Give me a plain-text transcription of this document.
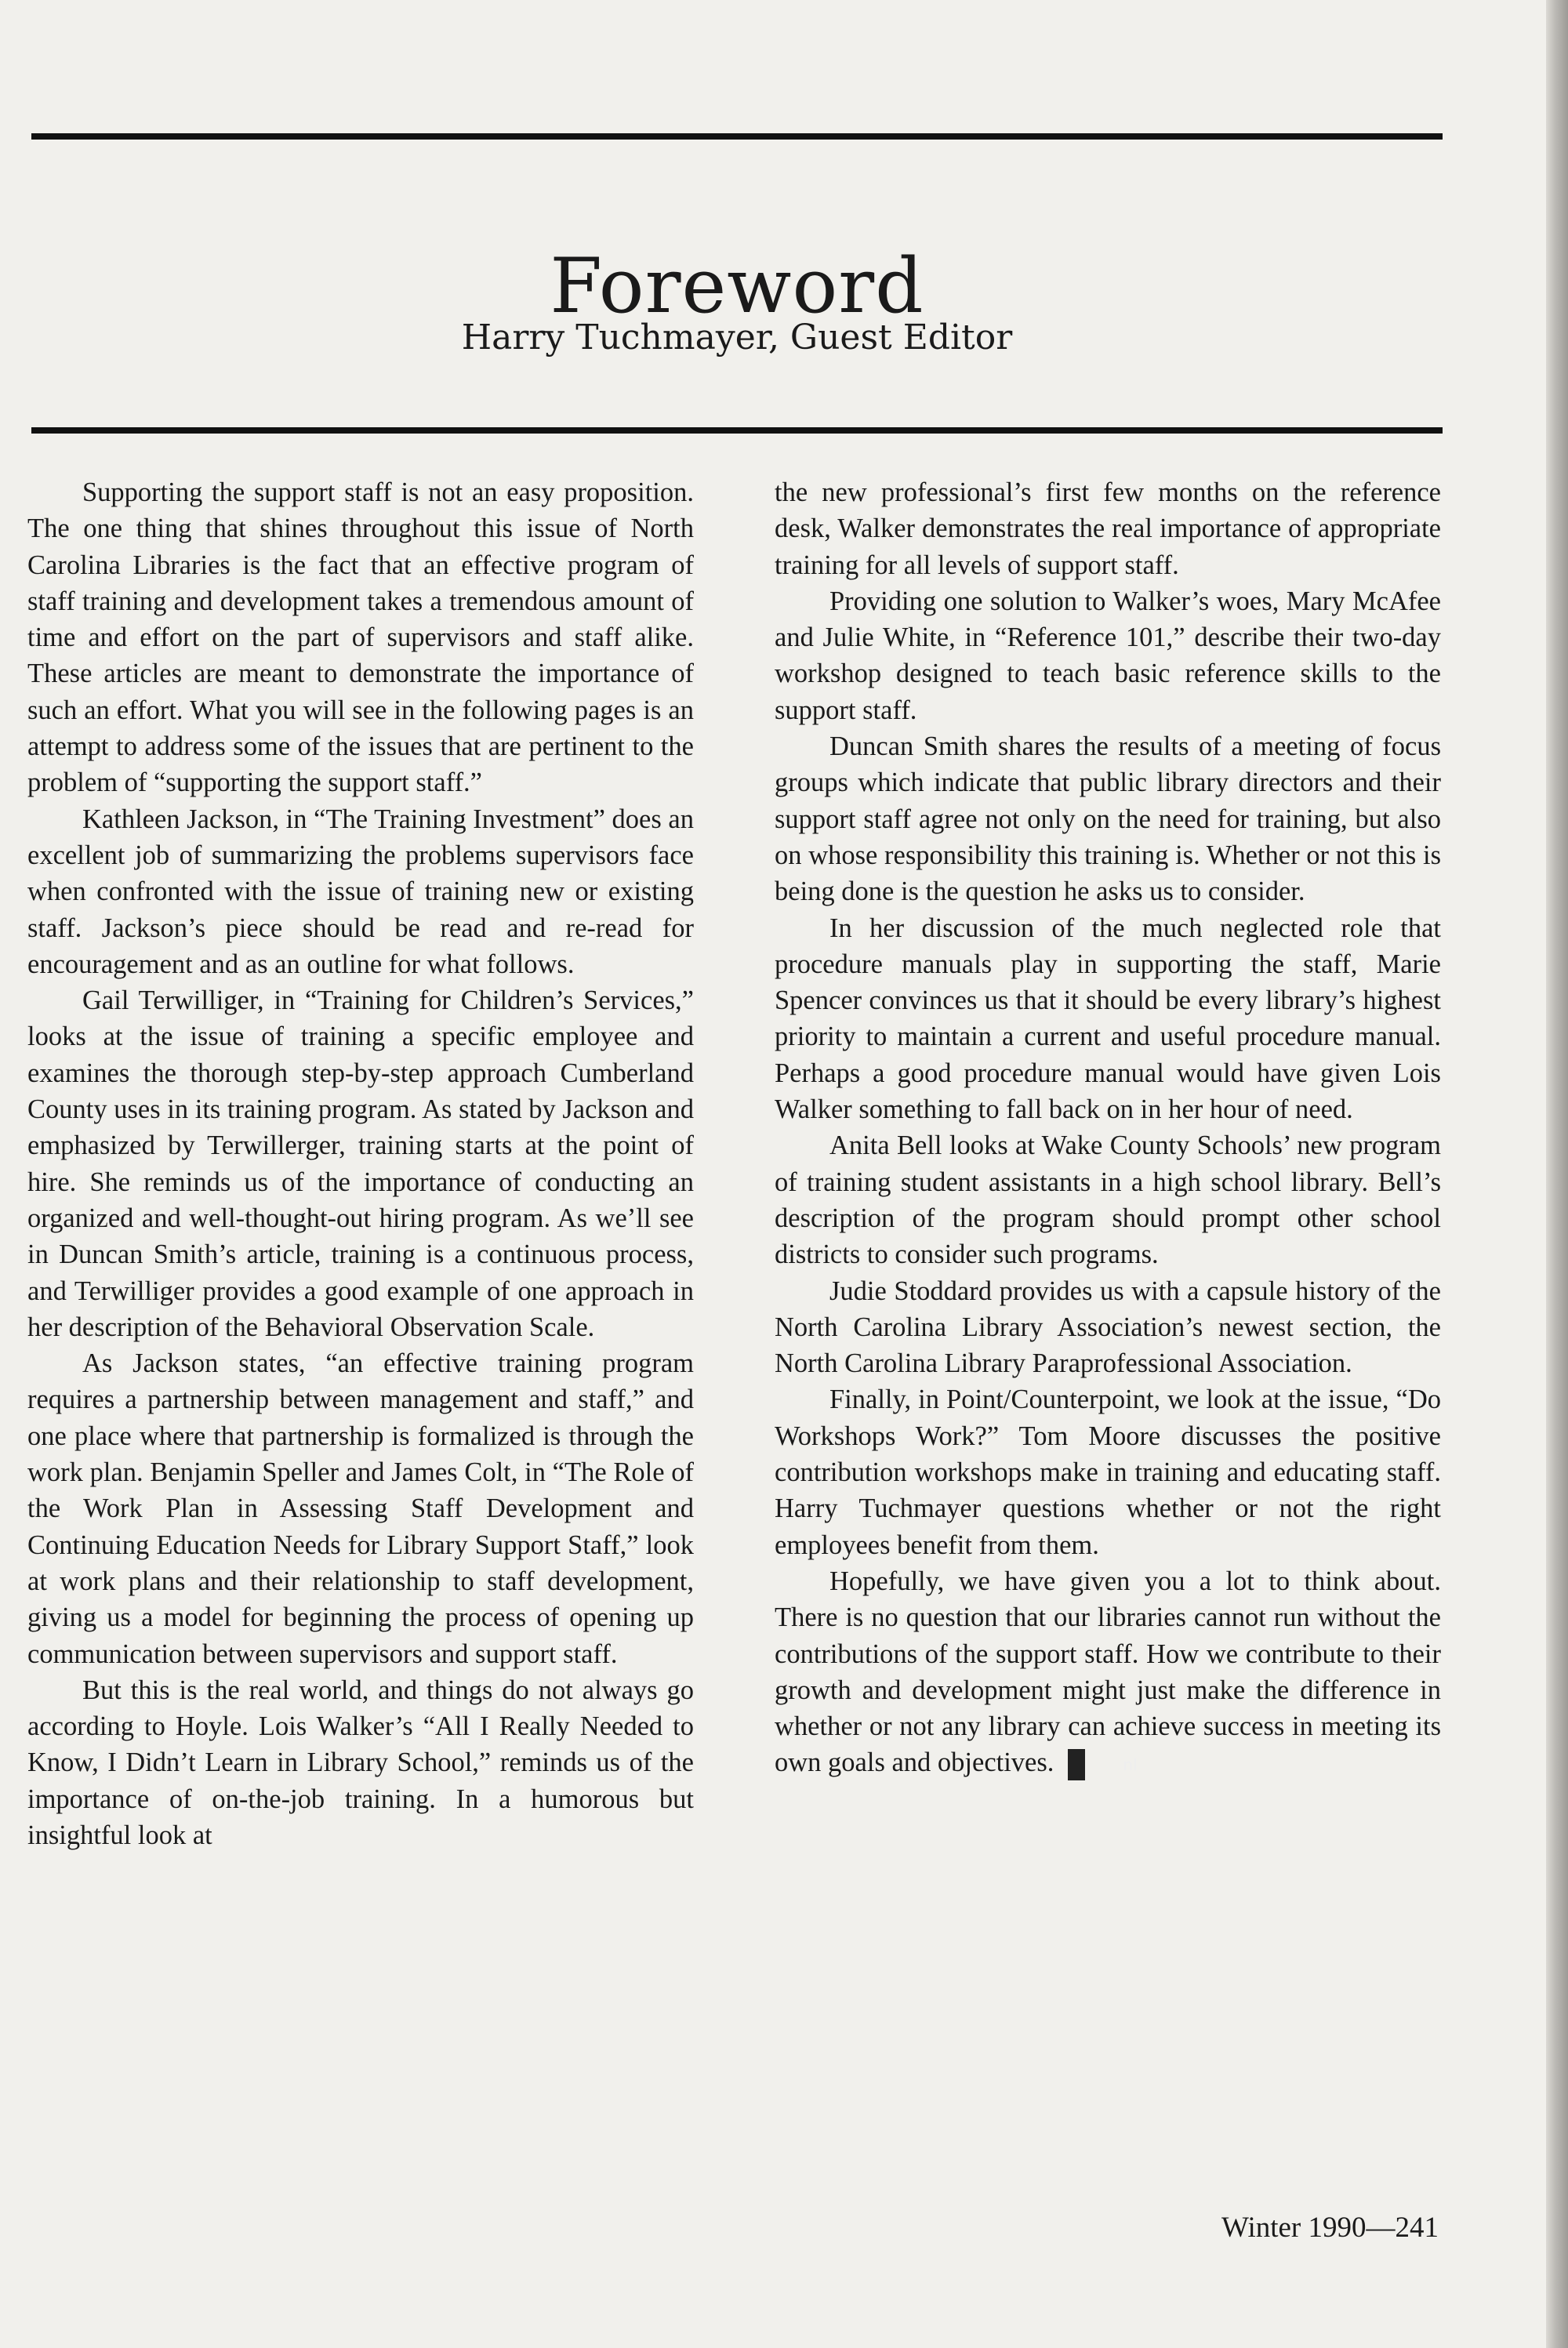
Foreword
Harry Tuchmayer, Guest Editor

Supporting the support staff is not an easy proposition. The one thing that shines throughout this issue of North Carolina Libraries is the fact that an effective program of staff training and development takes a tremendous amount of time and effort on the part of supervisors and staff alike. These articles are meant to demonstrate the importance of such an effort. What you will see in the following pages is an attempt to address some of the issues that are pertinent to the problem of “supporting the support staff.”

Kathleen Jackson, in “The Training Investment” does an excellent job of summarizing the problems supervisors face when confronted with the issue of training new or existing staff. Jackson’s piece should be read and re-read for encouragement and as an outline for what follows.

Gail Terwilliger, in “Training for Children’s Services,” looks at the issue of training a specific employee and examines the thorough step-by-step approach Cumberland County uses in its training program. As stated by Jackson and emphasized by Terwillerger, training starts at the point of hire. She reminds us of the importance of conducting an organized and well-thought-out hiring program. As we’ll see in Duncan Smith’s article, training is a continuous process, and Terwilliger provides a good example of one approach in her description of the Behavioral Observation Scale.

As Jackson states, “an effective training program requires a partnership between management and staff,” and one place where that partnership is formalized is through the work plan. Benjamin Speller and James Colt, in “The Role of the Work Plan in Assessing Staff Development and Continuing Education Needs for Library Support Staff,” look at work plans and their relationship to staff development, giving us a model for beginning the process of opening up communication between supervisors and support staff.

But this is the real world, and things do not always go according to Hoyle. Lois Walker’s “All I Really Needed to Know, I Didn’t Learn in Library School,” reminds us of the importance of on-the-job training. In a humorous but insightful look at

the new professional’s first few months on the reference desk, Walker demonstrates the real importance of appropriate training for all levels of support staff.

Providing one solution to Walker’s woes, Mary McAfee and Julie White, in “Reference 101,” describe their two-day workshop designed to teach basic reference skills to the support staff.

Duncan Smith shares the results of a meeting of focus groups which indicate that public library directors and their support staff agree not only on the need for training, but also on whose responsibility this training is. Whether or not this is being done is the question he asks us to consider.

In her discussion of the much neglected role that procedure manuals play in supporting the staff, Marie Spencer convinces us that it should be every library’s highest priority to maintain a current and useful procedure manual. Perhaps a good procedure manual would have given Lois Walker something to fall back on in her hour of need.

Anita Bell looks at Wake County Schools’ new program of training student assistants in a high school library. Bell’s description of the program should prompt other school districts to consider such programs.

Judie Stoddard provides us with a capsule history of the North Carolina Library Association’s newest section, the North Carolina Library Paraprofessional Association.

Finally, in Point/Counterpoint, we look at the issue, “Do Workshops Work?” Tom Moore discusses the positive contribution workshops make in training and educating staff. Harry Tuchmayer questions whether or not the right employees benefit from them.

Hopefully, we have given you a lot to think about. There is no question that our libraries cannot run without the contributions of the support staff. How we contribute to their growth and development might just make the difference in whether or not any library can achieve success in meeting its own goals and objectives.	nl

Winter 1990—241
